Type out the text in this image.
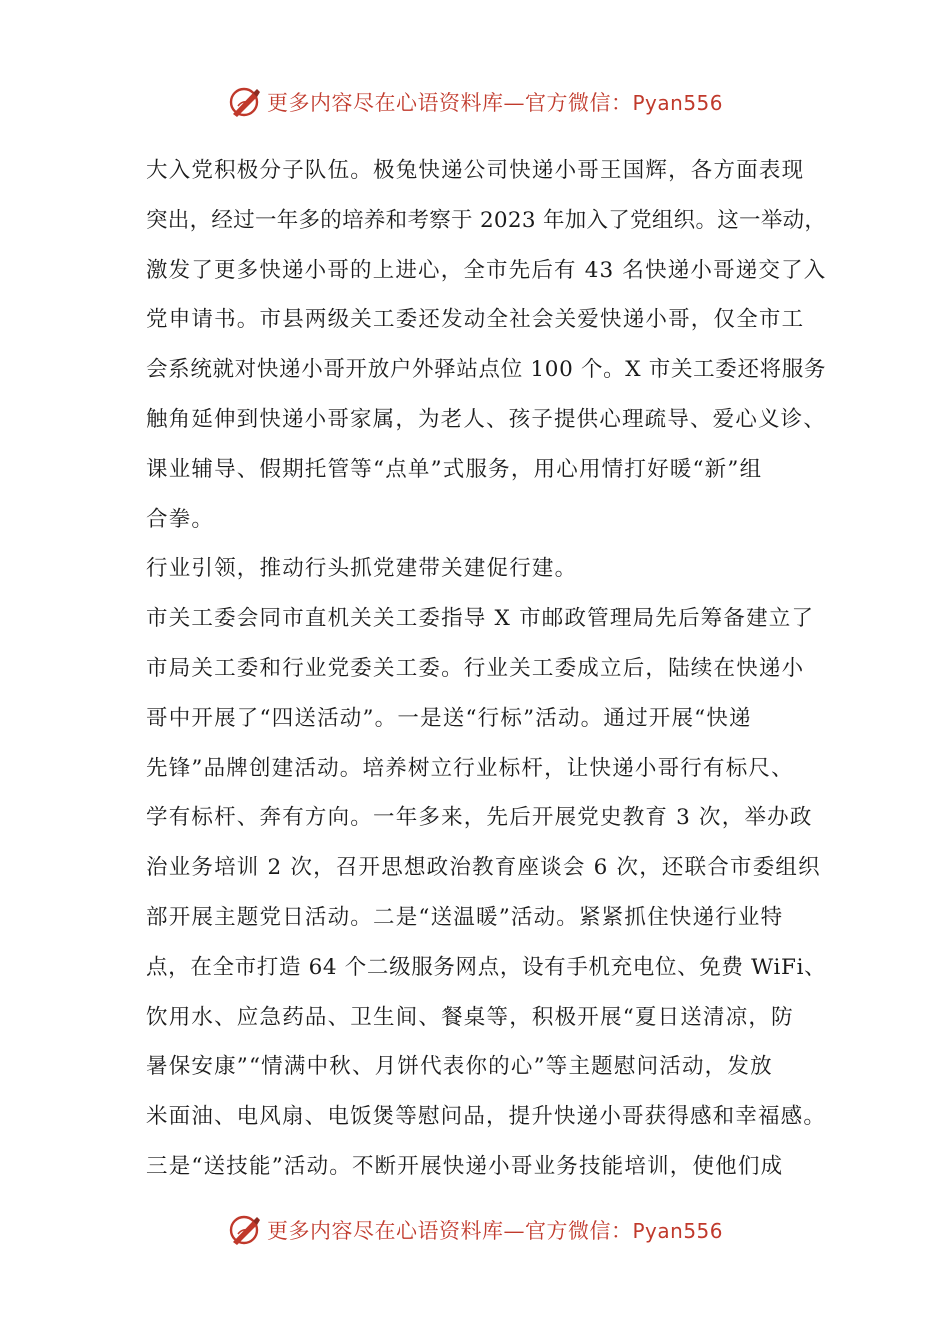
更多内容尽在心语资料库—官方微信：Pyan556
大入党积极分子队伍。极兔快递公司快递小哥王国辉，各方面表现
突出，经过一年多的培养和考察于 2023 年加入了党组织。这一举动，
激发了更多快递小哥的上进心，全市先后有 43 名快递小哥递交了入
党申请书。市县两级关工委还发动全社会关爱快递小哥，仅全市工
会系统就对快递小哥开放户外驿站点位 100 个。X 市关工委还将服务
触角延伸到快递小哥家属，为老人、孩子提供心理疏导、爱心义诊、
课业辅导、假期托管等“点单”式服务，用心用情打好暖“新”组
合拳。
行业引领，推动行头抓党建带关建促行建。
市关工委会同市直机关关工委指导 X 市邮政管理局先后筹备建立了
市局关工委和行业党委关工委。行业关工委成立后，陆续在快递小
哥中开展了“四送活动”。一是送“行标”活动。通过开展“快递
先锋”品牌创建活动。培养树立行业标杆，让快递小哥行有标尺、
学有标杆、奔有方向。一年多来，先后开展党史教育 3 次，举办政
治业务培训 2 次，召开思想政治教育座谈会 6 次，还联合市委组织
部开展主题党日活动。二是“送温暖”活动。紧紧抓住快递行业特
点，在全市打造 64 个二级服务网点，设有手机充电位、免费 WiFi、
饮用水、应急药品、卫生间、餐桌等，积极开展“夏日送清凉，防
暑保安康”“情满中秋、月饼代表你的心”等主题慰问活动，发放
米面油、电风扇、电饭煲等慰问品，提升快递小哥获得感和幸福感。
三是“送技能”活动。不断开展快递小哥业务技能培训，使他们成
更多内容尽在心语资料库—官方微信：Pyan556
